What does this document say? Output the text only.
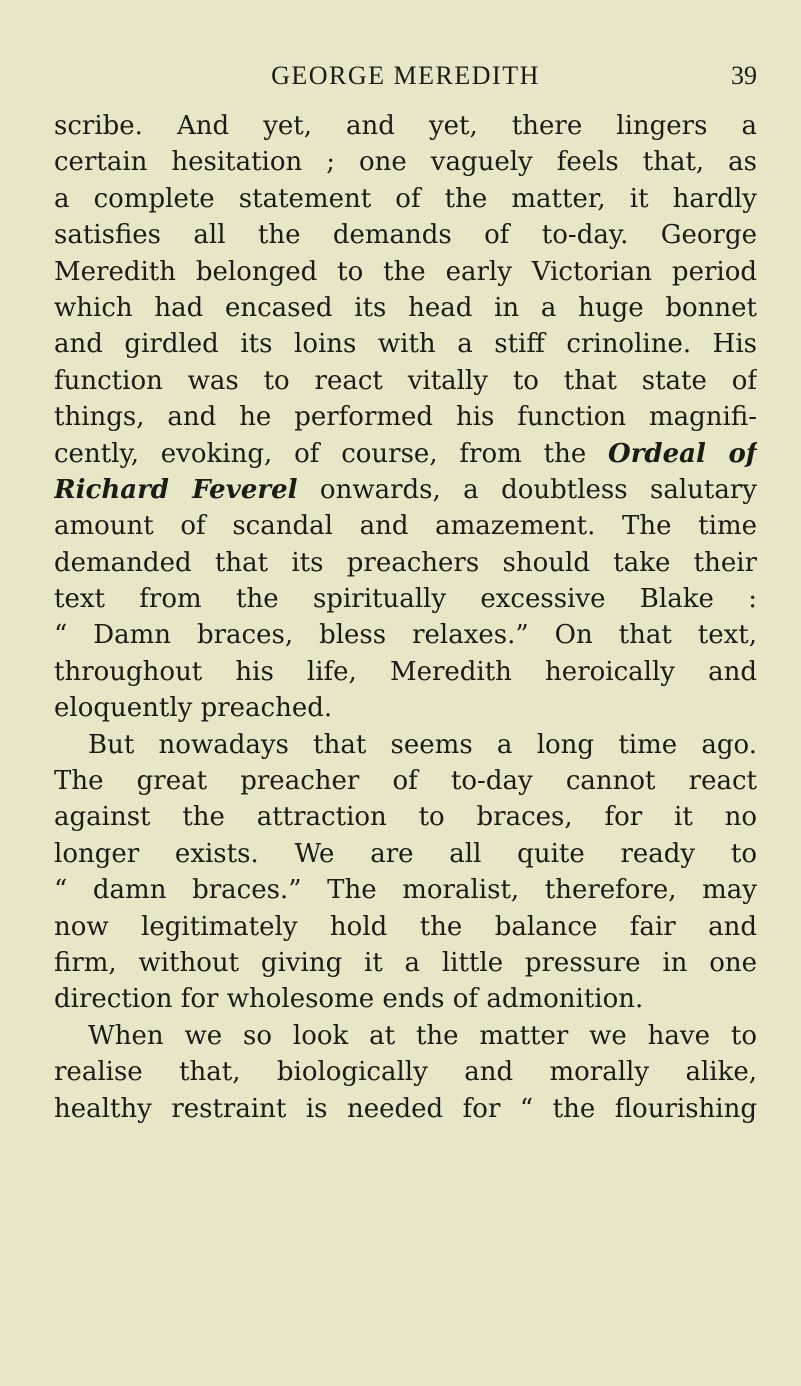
GEORGE MEREDITH	39
scribe. And yet, and yet, there lingers a
certain hesitation ; one vaguely feels that, as
a complete statement of the matter, it hardly
satisfies all the demands of to-day. George
Meredith belonged to the early Victorian period
which had encased its head in a huge bonnet
and girdled its loins with a stiff crinoline. His
function was to react vitally to that state of
things, and he performed his function magnifi-
cently, evoking, of course, from the Ordeal of
Richard Feverel onwards, a doubtless salutary
amount of scandal and amazement. The time
demanded that its preachers should take their
text from the spiritually excessive Blake :
“ Damn braces, bless relaxes.” On that text,
throughout his life, Meredith heroically and
eloquently preached.
But nowadays that seems a long time ago.
The great preacher of to-day cannot react
against the attraction to braces, for it no
longer exists. We are all quite ready to
“ damn braces.” The moralist, therefore, may
now legitimately hold the balance fair and
firm, without giving it a little pressure in one
direction for wholesome ends of admonition.
When we so look at the matter we have to
realise that, biologically and morally alike,
healthy restraint is needed for “ the flourishing
